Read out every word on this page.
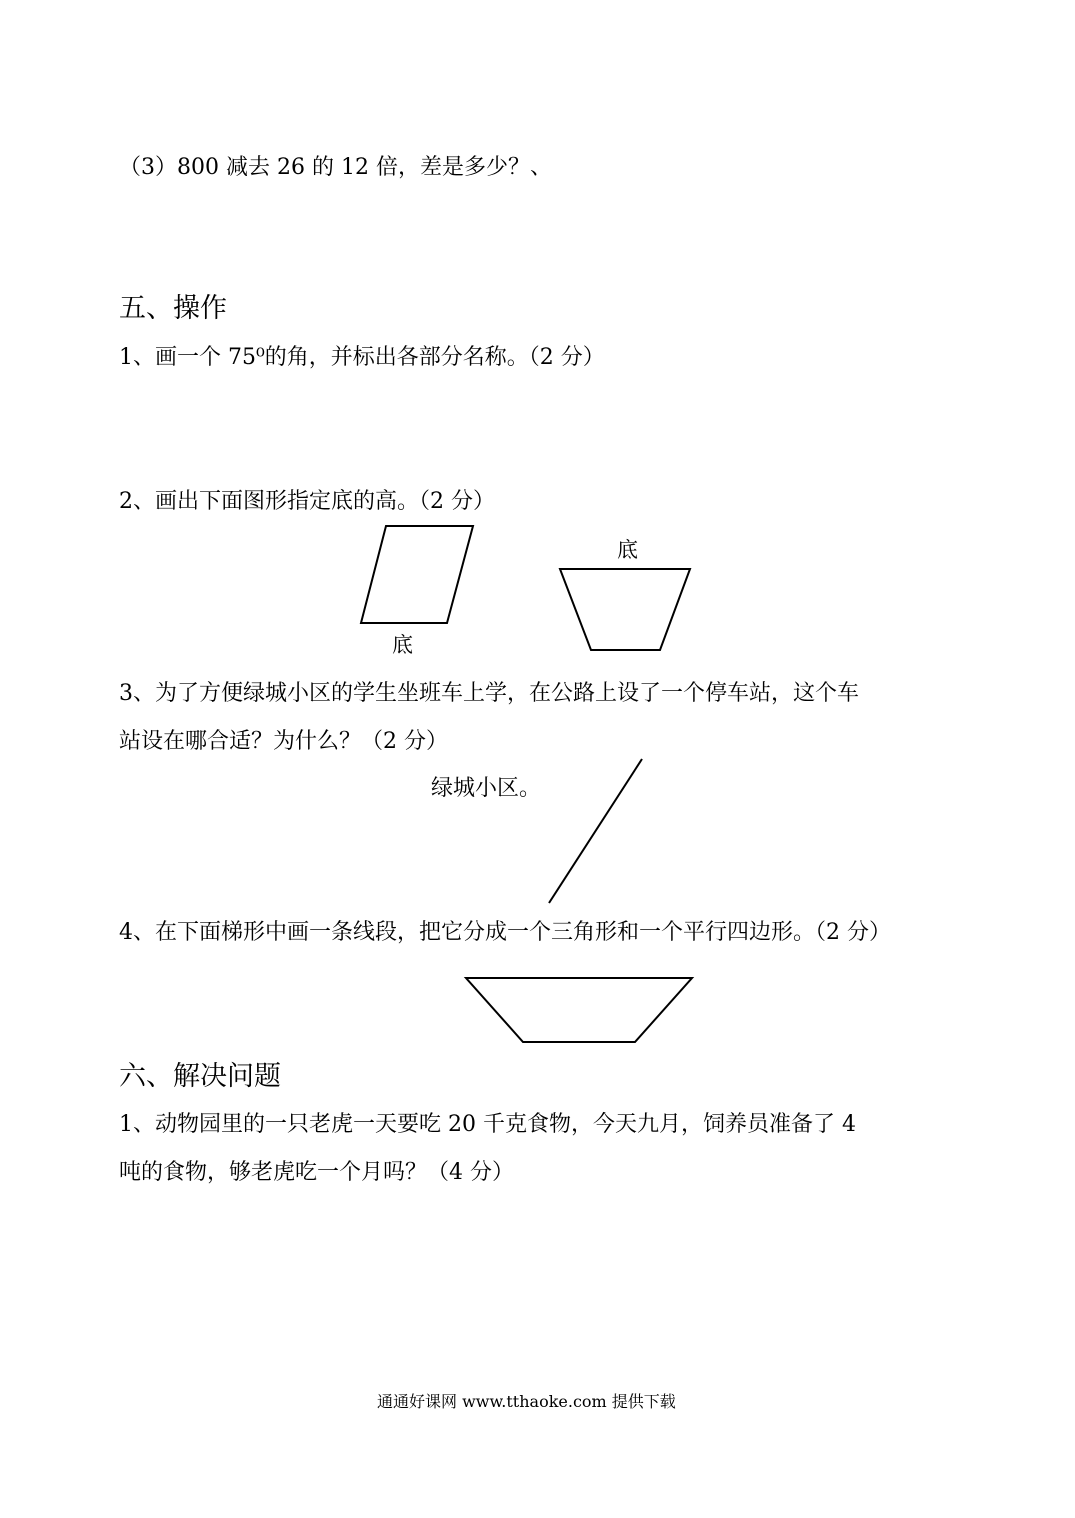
（3）800 减去 26 的 12 倍，差是多少？、
五、操作
1、画一个 75⁰的角，并标出各部分名称。（2 分）
2、画出下面图形指定底的高。（2 分）
底
底
3、为了方便绿城小区的学生坐班车上学，在公路上设了一个停车站，这个车
站设在哪合适？为什么？（2 分）
绿城小区。
4、在下面梯形中画一条线段，把它分成一个三角形和一个平行四边形。（2 分）
六、解决问题
1、动物园里的一只老虎一天要吃 20 千克食物，今天九月，饲养员准备了 4
吨的食物，够老虎吃一个月吗？（4 分）
通通好课网 www.tthaoke.com 提供下载
